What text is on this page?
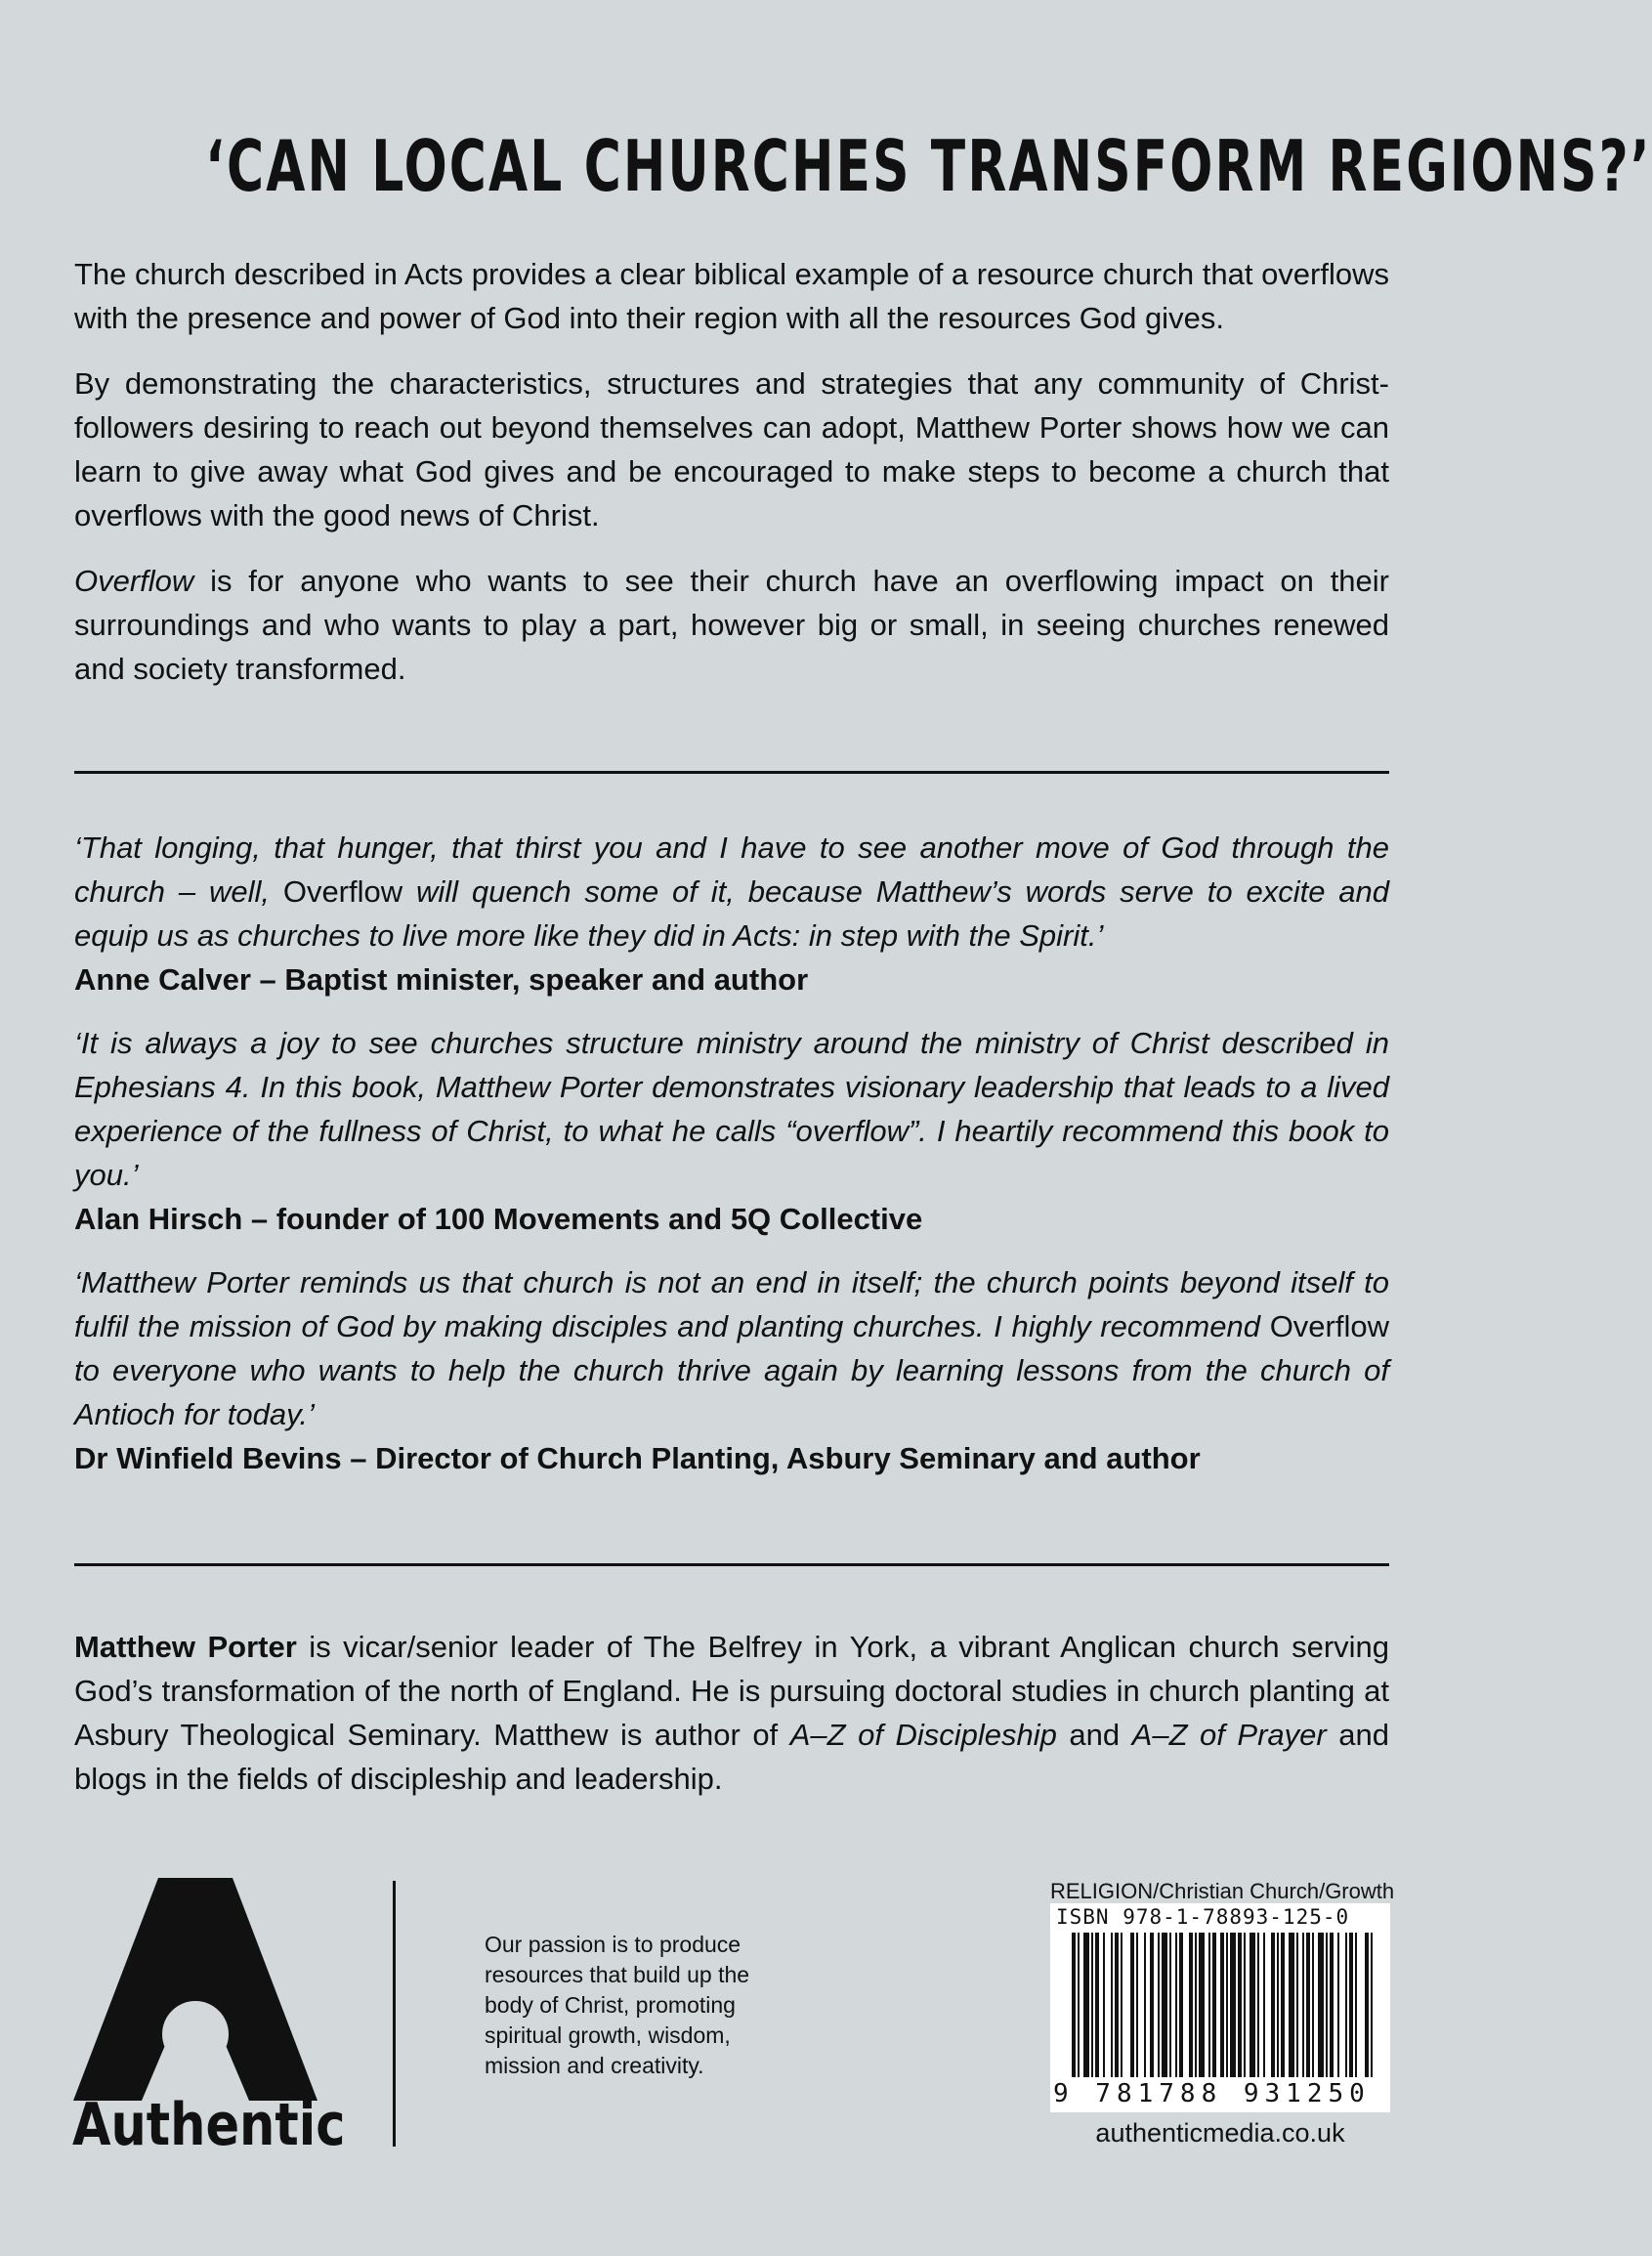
‘CAN LOCAL CHURCHES TRANSFORM REGIONS?’

The church described in Acts provides a clear biblical example of a resource church that overflows with the presence and power of God into their region with all the resources God gives.

By demonstrating the characteristics, structures and strategies that any community of Christ-followers desiring to reach out beyond themselves can adopt, Matthew Porter shows how we can learn to give away what God gives and be encouraged to make steps to become a church that overflows with the good news of Christ.

Overflow is for anyone who wants to see their church have an overflowing impact on their surroundings and who wants to play a part, however big or small, in seeing churches renewed and society transformed.

‘That longing, that hunger, that thirst you and I have to see another move of God through the church – well, Overflow will quench some of it, because Matthew’s words serve to excite and equip us as churches to live more like they did in Acts: in step with the Spirit.’

Anne Calver – Baptist minister, speaker and author

‘It is always a joy to see churches structure ministry around the ministry of Christ described in Ephesians 4. In this book, Matthew Porter demonstrates visionary leadership that leads to a lived experience of the fullness of Christ, to what he calls “overflow”. I heartily recommend this book to you.’

Alan Hirsch – founder of 100 Movements and 5Q Collective

‘Matthew Porter reminds us that church is not an end in itself; the church points beyond itself to fulfil the mission of God by making disciples and planting churches. I highly recommend Overflow to everyone who wants to help the church thrive again by learning lessons from the church of Antioch for today.’

Dr Winfield Bevins – Director of Church Planting, Asbury Seminary and author

Matthew Porter is vicar/senior leader of The Belfrey in York, a vibrant Anglican church serving God’s transformation of the north of England. He is pursuing doctoral studies in church planting at Asbury Theological Seminary. Matthew is author of A–Z of Discipleship and A–Z of Prayer and blogs in the fields of discipleship and leadership.

Authentic
Our passion is to produce
resources that build up the
body of Christ, promoting
spiritual growth, wisdom,
mission and creativity.
RELIGION/Christian Church/Growth
ISBN 978-1-78893-125-0
9 781788 931250
authenticmedia.co.uk
